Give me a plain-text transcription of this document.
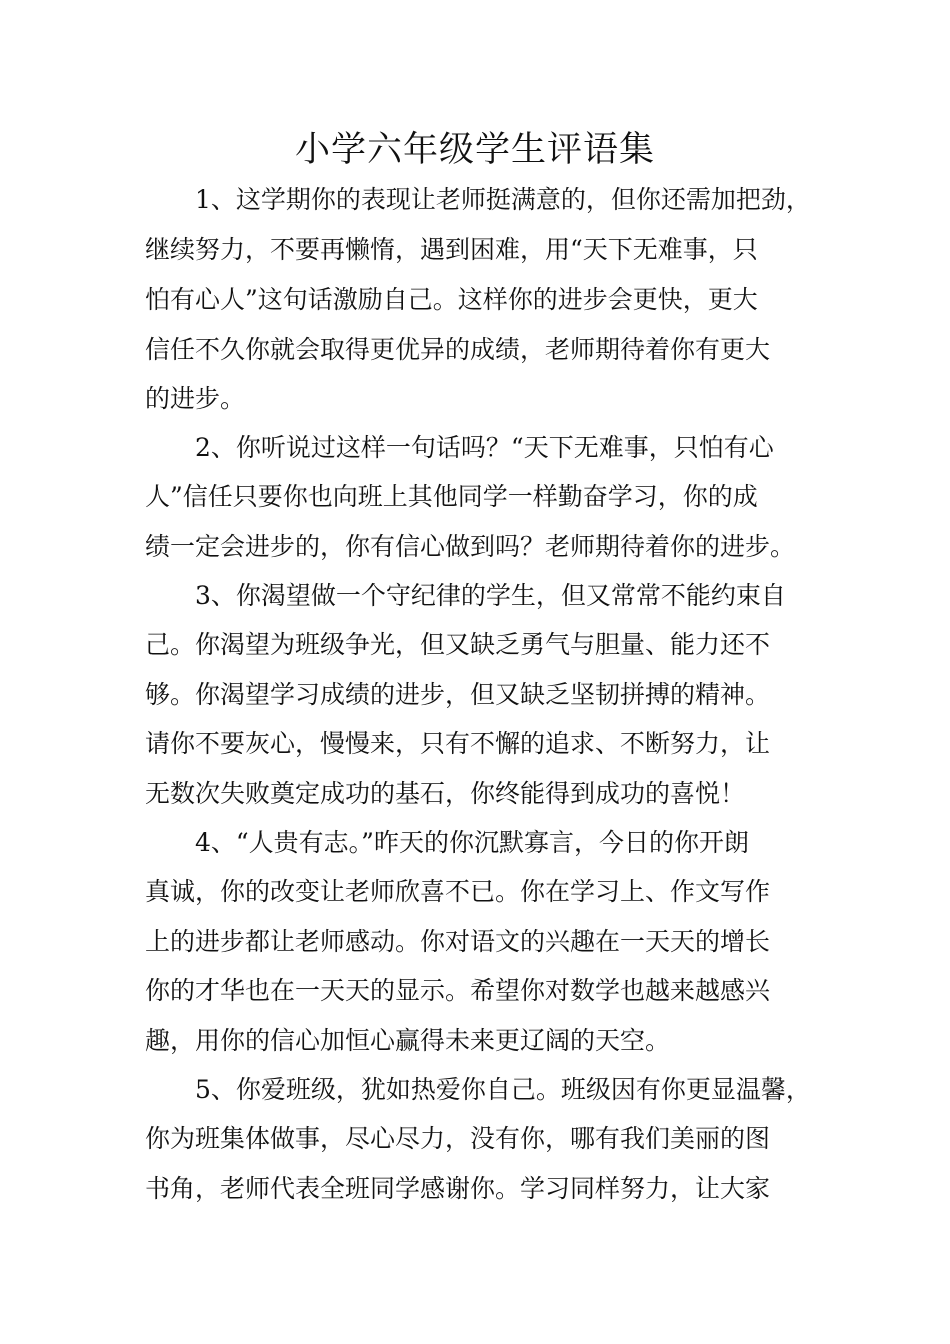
小学六年级学生评语集
1、这学期你的表现让老师挺满意的，但你还需加把劲，
继续努力，不要再懒惰，遇到困难，用“天下无难事，只
怕有心人”这句话激励自己。这样你的进步会更快，更大
信任不久你就会取得更优异的成绩，老师期待着你有更大
的进步。
2、你听说过这样一句话吗？“天下无难事，只怕有心
人”信任只要你也向班上其他同学一样勤奋学习，你的成
绩一定会进步的，你有信心做到吗？老师期待着你的进步。
3、你渴望做一个守纪律的学生，但又常常不能约束自
己。你渴望为班级争光，但又缺乏勇气与胆量、能力还不
够。你渴望学习成绩的进步，但又缺乏坚韧拼搏的精神。
请你不要灰心，慢慢来，只有不懈的追求、不断努力，让
无数次失败奠定成功的基石，你终能得到成功的喜悦！
4、“人贵有志。”昨天的你沉默寡言，今日的你开朗
真诚，你的改变让老师欣喜不已。你在学习上、作文写作
上的进步都让老师感动。你对语文的兴趣在一天天的增长
你的才华也在一天天的显示。希望你对数学也越来越感兴
趣，用你的信心加恒心赢得未来更辽阔的天空。
5、你爱班级，犹如热爱你自己。班级因有你更显温馨，
你为班集体做事，尽心尽力，没有你，哪有我们美丽的图
书角，老师代表全班同学感谢你。学习同样努力，让大家
